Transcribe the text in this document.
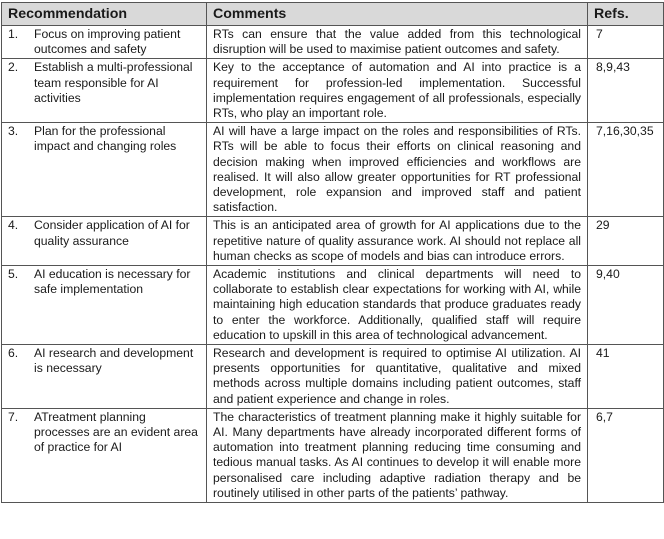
Recommendation	Comments	Refs.

1. Focus on improving patient outcomes and safety	RTs can ensure that the value added from this technological disruption will be used to maximise patient outcomes and safety.	7

2. Establish a multi-professional team responsible for AI activities	Key to the acceptance of automation and AI into practice is a requirement for profession-led implementation. Successful implementation requires engagement of all professionals, especially RTs, who play an important role.	8,9,43

3. Plan for the professional impact and changing roles	AI will have a large impact on the roles and responsibilities of RTs. RTs will be able to focus their efforts on clinical reasoning and decision making when improved efficiencies and workflows are realised. It will also allow greater opportunities for RT professional development, role expansion and improved staff and patient satisfaction.	7,16,30,35

4. Consider application of AI for quality assurance	This is an anticipated area of growth for AI applications due to the repetitive nature of quality assurance work. AI should not replace all human checks as scope of models and bias can introduce errors.	29

5. AI education is necessary for safe implementation	Academic institutions and clinical departments will need to collaborate to establish clear expectations for working with AI, while maintaining high education standards that produce graduates ready to enter the workforce. Additionally, qualified staff will require education to upskill in this area of technological advancement.	9,40

6. AI research and development is necessary	Research and development is required to optimise AI utilization. AI presents opportunities for quantitative, qualitative and mixed methods across multiple domains including patient outcomes, staff and patient experience and change in roles.	41

7. ATreatment planning processes are an evident area of practice for AI	The characteristics of treatment planning make it highly suitable for AI. Many departments have already incorporated different forms of automation into treatment planning reducing time consuming and tedious manual tasks. As AI continues to develop it will enable more personalised care including adaptive radiation therapy and be routinely utilised in other parts of the patients’ pathway.	6,7
